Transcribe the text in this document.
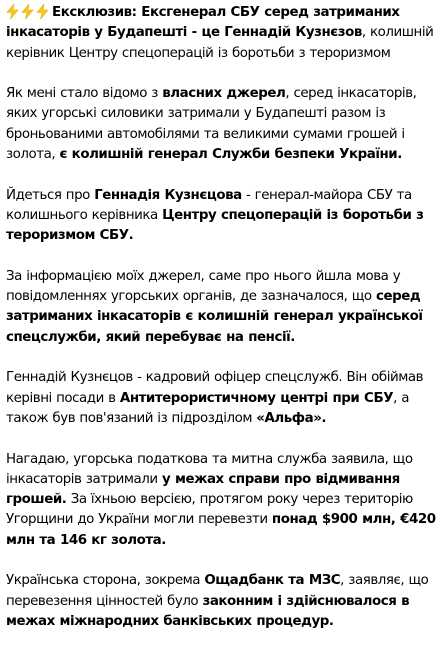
Ексклюзив: Ексгенерал СБУ серед затриманих інкасаторів у Будапешті - це Геннадій Кузнєзов, колишній керівник Центру спецоперацій із боротьби з тероризмом

Як мені стало відомо з власних джерел, серед інкасаторів, яких угорські силовики затримали у Будапешті разом із броньованими автомобілями та великими сумами грошей і золота, є колишній генерал Служби безпеки України.

Йдеться про Геннадія Кузнєцова - генерал-майора СБУ та колишнього керівника Центру спецоперацій із боротьби з тероризмом СБУ.

За інформацією моїх джерел, саме про нього йшла мова у повідомленнях угорських органів, де зазначалося, що серед затриманих інкасаторів є колишній генерал української спецслужби, який перебуває на пенсії.

Геннадій Кузнєцов - кадровий офіцер спецслужб. Він обіймав керівні посади в Антитерористичному центрі при СБУ, а також був пов'язаний із підрозділом «Альфа».

Нагадаю, угорська податкова та митна служба заявила, що інкасаторів затримали у межах справи про відмивання грошей. За їхньою версією, протягом року через територію Угорщини до України могли перевезти понад $900 млн, €420 млн та 146 кг золота.

Українська сторона, зокрема Ощадбанк та МЗС, заявляє, що перевезення цінностей було законним і здійснювалося в межах міжнародних банківських процедур.
